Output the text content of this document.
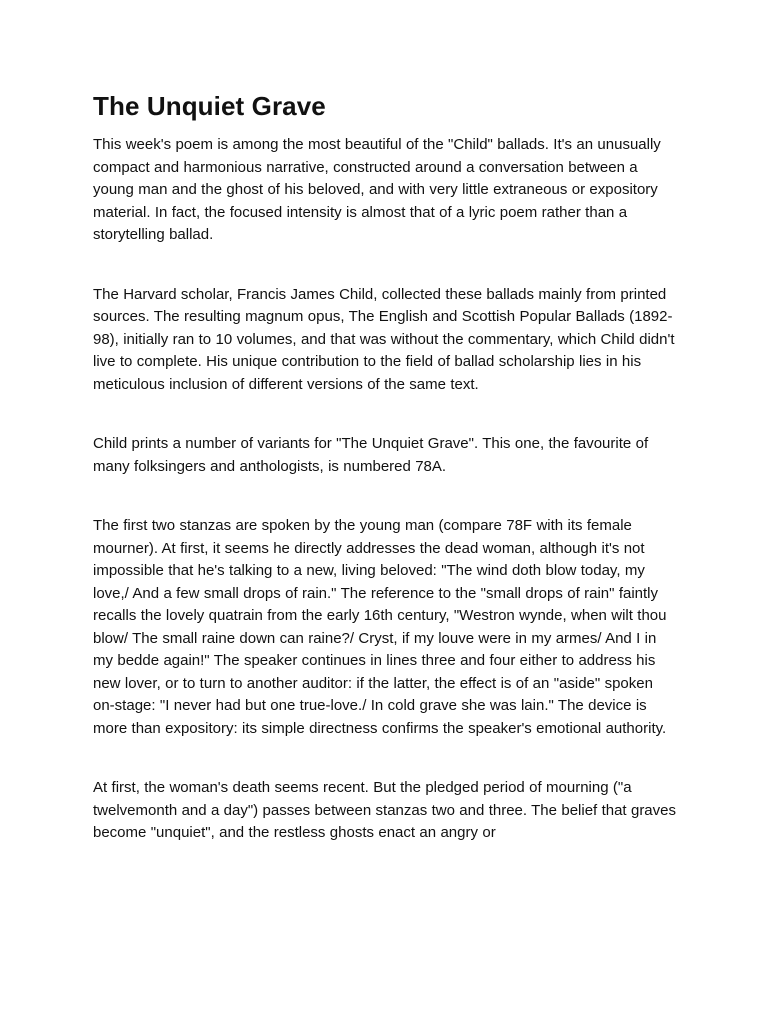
The Unquiet Grave

This week's poem is among the most beautiful of the "Child" ballads. It's an unusually compact and harmonious narrative, constructed around a conversation between a young man and the ghost of his beloved, and with very little extraneous or expository material. In fact, the focused intensity is almost that of a lyric poem rather than a storytelling ballad.

The Harvard scholar, Francis James Child, collected these ballads mainly from printed sources. The resulting magnum opus, The English and Scottish Popular Ballads (1892-98), initially ran to 10 volumes, and that was without the commentary, which Child didn't live to complete. His unique contribution to the field of ballad scholarship lies in his meticulous inclusion of different versions of the same text.

Child prints a number of variants for "The Unquiet Grave". This one, the favourite of many folksingers and anthologists, is numbered 78A.

The first two stanzas are spoken by the young man (compare 78F with its female mourner). At first, it seems he directly addresses the dead woman, although it's not impossible that he's talking to a new, living beloved: "The wind doth blow today, my love,/ And a few small drops of rain." The reference to the "small drops of rain" faintly recalls the lovely quatrain from the early 16th century, "Westron wynde, when wilt thou blow/ The small raine down can raine?/ Cryst, if my louve were in my armes/ And I in my bedde again!" The speaker continues in lines three and four either to address his new lover, or to turn to another auditor: if the latter, the effect is of an "aside" spoken on-stage: "I never had but one true-love./ In cold grave she was lain." The device is more than expository: its simple directness confirms the speaker's emotional authority.

At first, the woman's death seems recent. But the pledged period of mourning ("a twelvemonth and a day") passes between stanzas two and three. The belief that graves become "unquiet", and the restless ghosts enact an angry or
